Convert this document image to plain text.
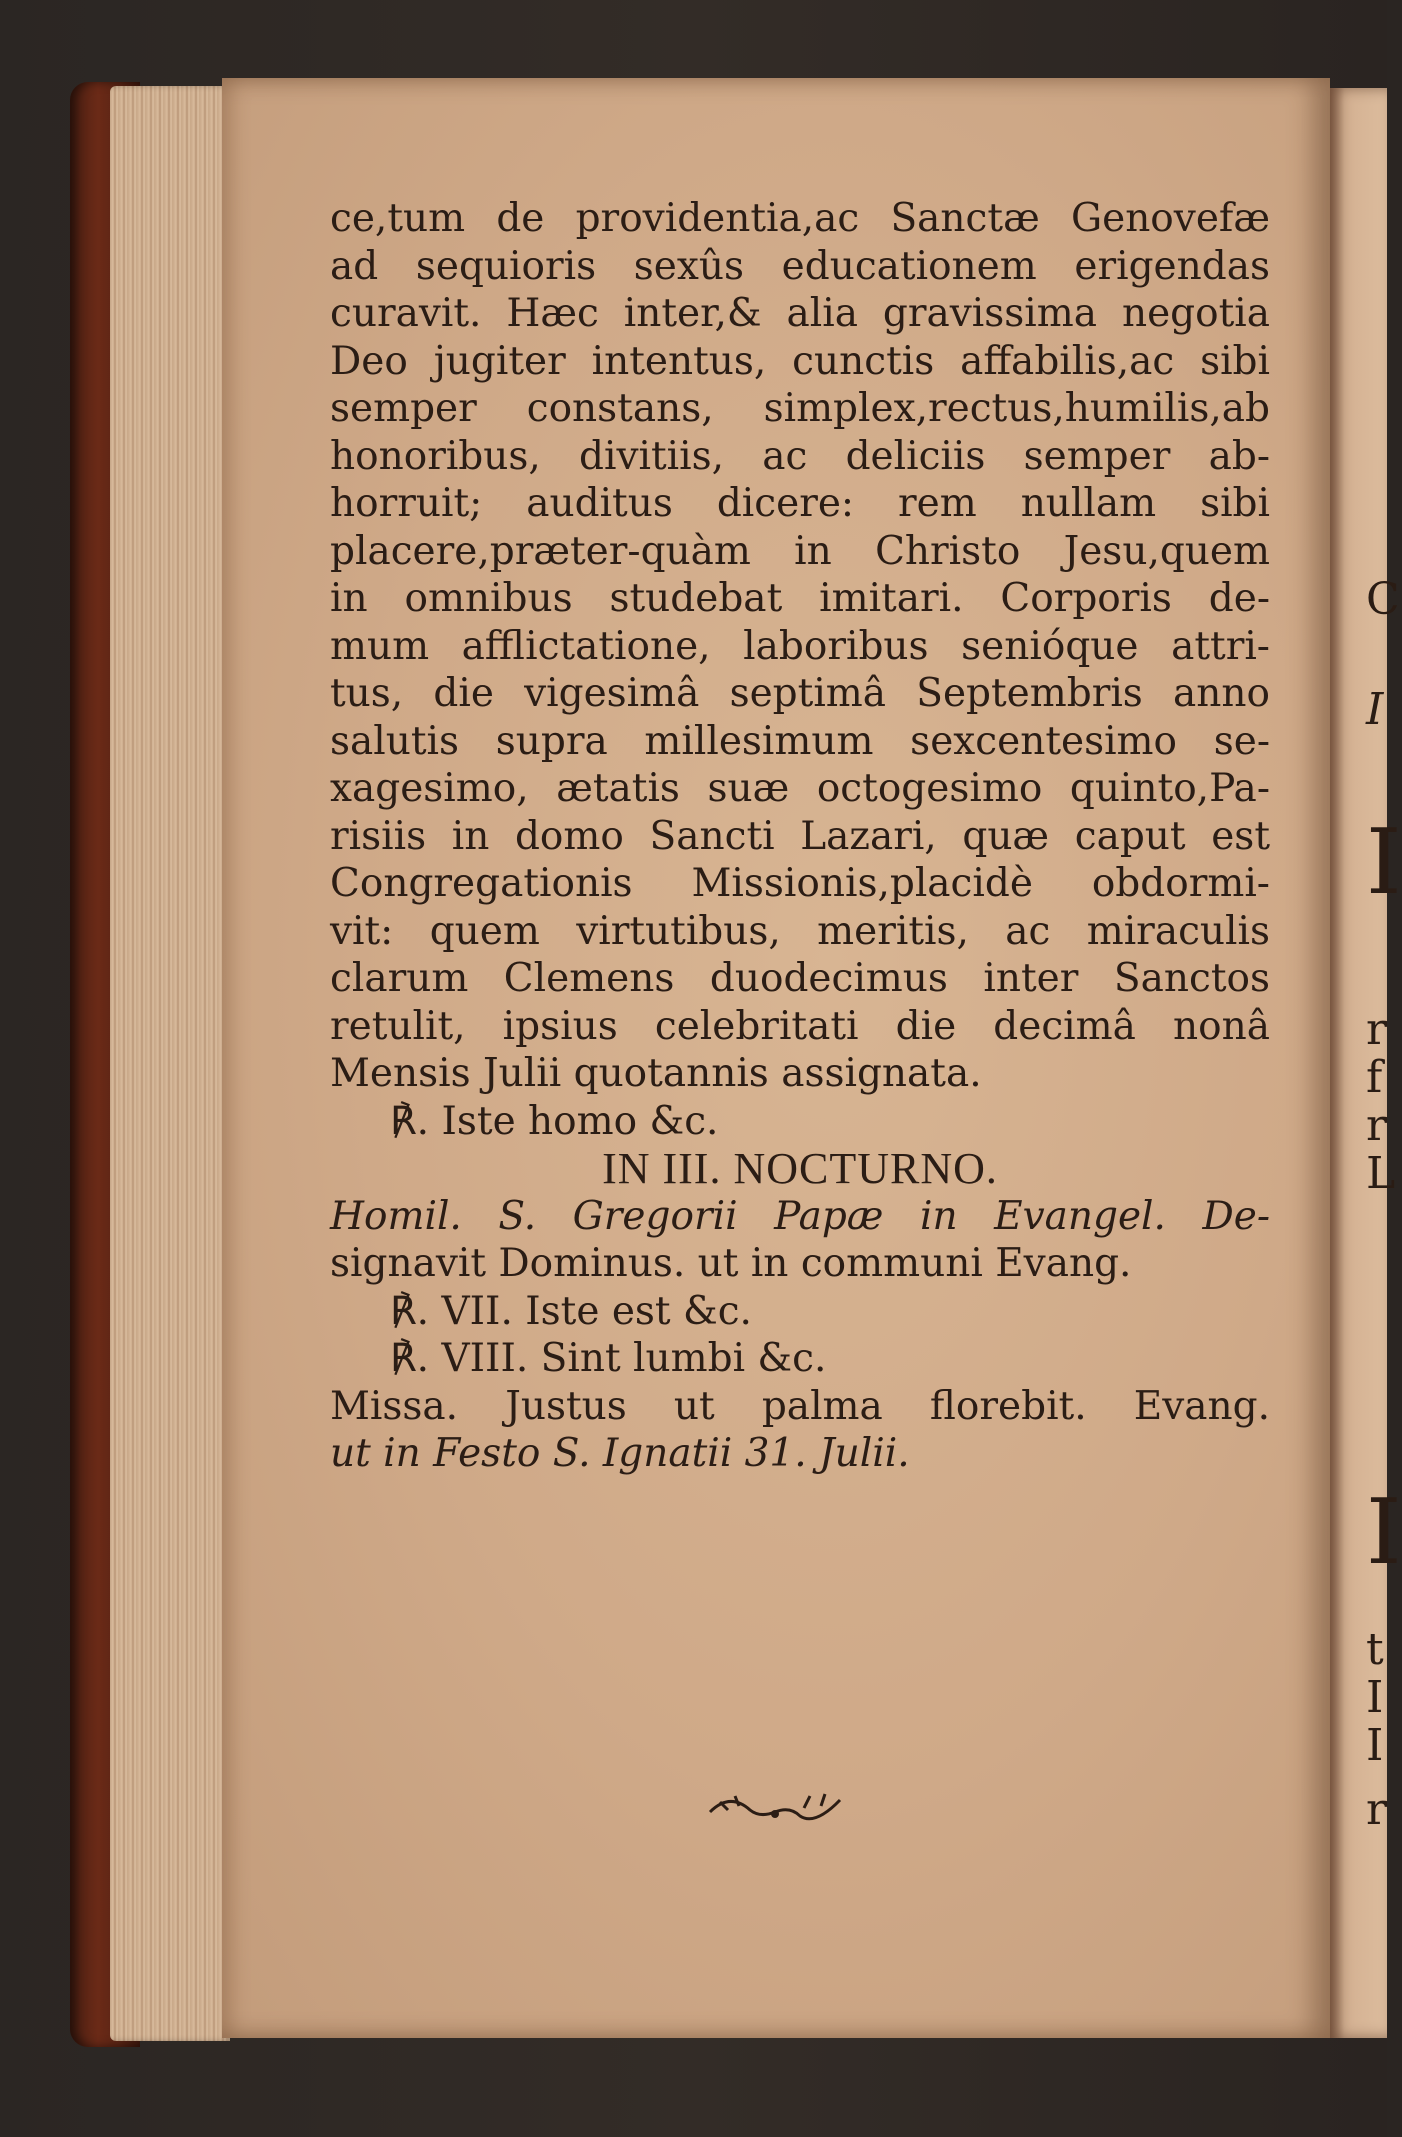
C
I
I
r
f
r
L
I
t
I
I
r
ce,tum de providentia,ac Sanctæ Genovefæ
ad sequioris sexûs educationem erigendas
curavit. Hæc inter,& alia gravissima negotia
Deo jugiter intentus, cunctis affabilis,ac sibi
semper constans, simplex,rectus,humilis,ab
honoribus, divitiis, ac deliciis semper ab-
horruit; auditus dicere: rem nullam sibi
placere,præter-quàm in Christo Jesu,quem
in omnibus studebat imitari. Corporis de-
mum afflictatione, laboribus senióque attri-
tus, die vigesimâ septimâ Septembris anno
salutis supra millesimum sexcentesimo se-
xagesimo, ætatis suæ octogesimo quinto,Pa-
risiis in domo Sancti Lazari, quæ caput est
Congregationis Missionis,placidè obdormi-
vit: quem virtutibus, meritis, ac miraculis
clarum Clemens duodecimus inter Sanctos
retulit, ipsius celebritati die decimâ nonâ
Mensis Julii quotannis assignata.
℟. Iste homo &c.
IN III. NOCTURNO.
Homil. S. Gregorii Papæ in Evangel. De-
signavit Dominus. ut in communi Evang.
℟. VII. Iste est &c.
℟. VIII. Sint lumbi &c.
Missa. Justus ut palma florebit. Evang.
ut in Festo S. Ignatii 31. Julii.
